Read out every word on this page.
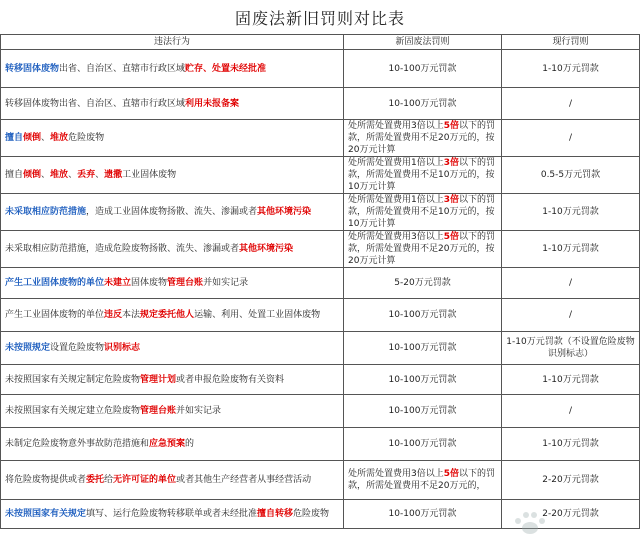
固废法新旧罚则对比表
违法行为	新固废法罚则	现行罚则
转移固体废物出省、自治区、直辖市行政区域贮存、处置未经批准	10-100万元罚款	1-10万元罚款
转移固体废物出省、自治区、直辖市行政区域利用未报备案	10-100万元罚款	/
擅自倾倒、堆放危险废物	处所需处置费用3倍以上5倍以下的罚款，所需处置费用不足20万元的，按20万元计算	/
擅自倾倒、堆放、丢弃、遗撒工业固体废物	处所需处置费用1倍以上3倍以下的罚款，所需处置费用不足10万元的，按10万元计算	0.5-5万元罚款
未采取相应防范措施，造成工业固体废物扬散、流失、渗漏或者其他环境污染	处所需处置费用1倍以上3倍以下的罚款，所需处置费用不足10万元的，按10万元计算	1-10万元罚款
未采取相应防范措施，造成危险废物扬散、流失、渗漏或者其他环境污染	处所需处置费用3倍以上5倍以下的罚款，所需处置费用不足20万元的，按20万元计算	1-10万元罚款
产生工业固体废物的单位未建立固体废物管理台账并如实记录	5-20万元罚款	/
产生工业固体废物的单位违反本法规定委托他人运输、利用、处置工业固体废物	10-100万元罚款	/
未按照规定设置危险废物识别标志	10-100万元罚款	1-10万元罚款（不设置危险废物识别标志）
未按照国家有关规定制定危险废物管理计划或者申报危险废物有关资料	10-100万元罚款	1-10万元罚款
未按照国家有关规定建立危险废物管理台账并如实记录	10-100万元罚款	/
未制定危险废物意外事故防范措施和应急预案的	10-100万元罚款	1-10万元罚款
将危险废物提供或者委托给无许可证的单位或者其他生产经营者从事经营活动	处所需处置费用3倍以上5倍以下的罚款，所需处置费用不足20万元的，	2-20万元罚款
未按照国家有关规定填写、运行危险废物转移联单或者未经批准擅自转移危险废物	10-100万元罚款	2-20万元罚款
